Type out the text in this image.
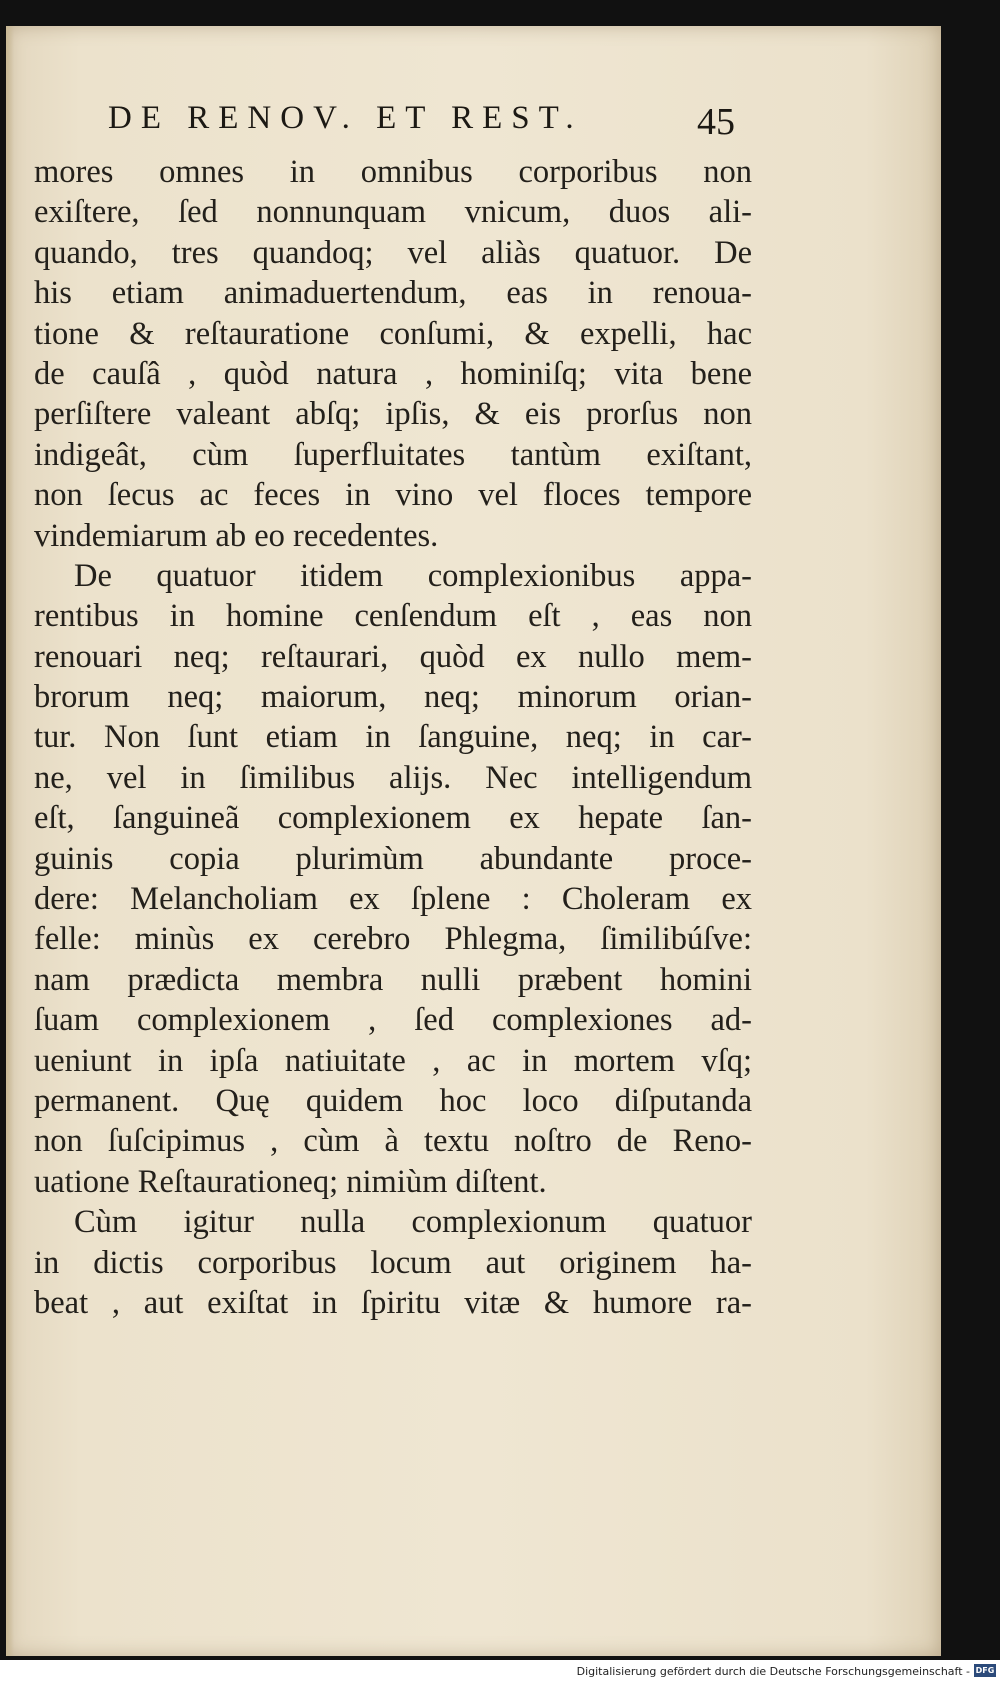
DE RENOV. ET REST.	45
mores omnes in omnibus corporibus non
exiſtere, ſed nonnunquam vnicum, duos ali-
quando, tres quandoq; vel aliàs quatuor. De
his etiam animaduertendum, eas in renoua-
tione & reſtauratione conſumi, & expelli, hac
de cauſâ , quòd natura , hominiſq; vita bene
perſiſtere valeant abſq; ipſis, & eis prorſus non
indigeât, cùm ſuperfluitates tantùm exiſtant,
non ſecus ac feces in vino vel floces tempore
vindemiarum ab eo recedentes.
De quatuor itidem complexionibus appa-
rentibus in homine cenſendum eſt , eas non
renouari neq; reſtaurari, quòd ex nullo mem-
brorum neq; maiorum, neq; minorum orian-
tur. Non ſunt etiam in ſanguine, neq; in car-
ne, vel in ſimilibus alijs. Nec intelligendum
eſt, ſanguineã complexionem ex hepate ſan-
guinis copia plurimùm abundante proce-
dere: Melancholiam ex ſplene : Choleram ex
felle: minùs ex cerebro Phlegma, ſimilibúſve:
nam prædicta membra nulli præbent homini
ſuam complexionem , ſed complexiones ad-
ueniunt in ipſa natiuitate , ac in mortem vſq;
permanent. Quę quidem hoc loco diſputanda
non ſuſcipimus , cùm à textu noſtro de Reno-
uatione Reſtaurationeq; nimiùm diſtent.
Cùm igitur nulla complexionum quatuor
in dictis corporibus locum aut originem ha-
beat , aut exiſtat in ſpiritu vitæ & humore ra-
Digitalisierung gefördert durch die Deutsche Forschungsgemeinschaft - DFG
